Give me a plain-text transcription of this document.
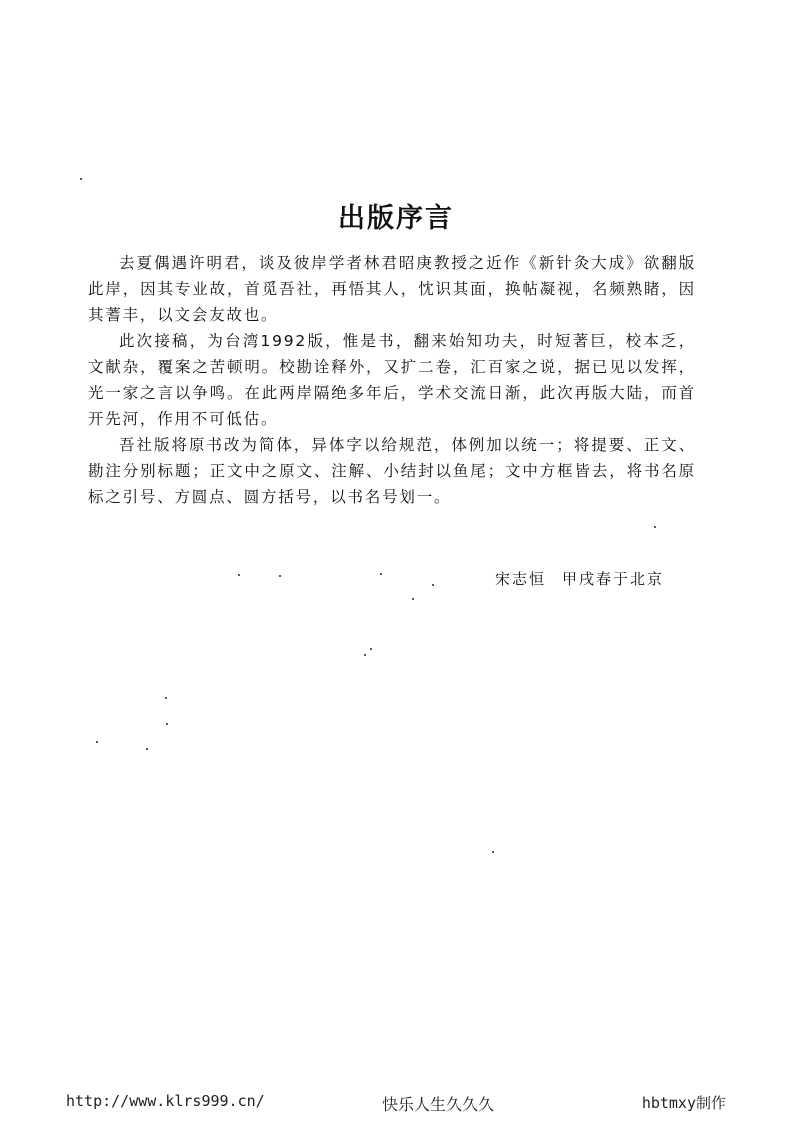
出版序言

去夏偶遇许明君，谈及彼岸学者林君昭庚教授之近作《新针灸大成》欲翻版此岸，因其专业故，首觅吾社，再悟其人，忱识其面，换帖凝视，名频熟睹，因其蓍丰，以文会友故也。

此次接稿，为台湾1992版，惟是书，翻来始知功夫，时短著巨，校本乏，文献杂，覆案之苦顿明。校勘诠释外，又扩二卷，汇百家之说，据已见以发挥，光一家之言以争鸣。在此两岸隔绝多年后，学术交流日渐，此次再版大陆，而首开先河，作用不可低估。

吾社版将原书改为简体，异体字以给规范，体例加以统一；将提要、正文、勘注分别标题；正文中之原文、注解、小结封以鱼尾；文中方框皆去，将书名原标之引号、方圆点、圆方括号，以书名号划一。

宋志恒 甲戌春于北京
http://www.klrs999.cn/	快乐人生久久久	hbtmxy制作
